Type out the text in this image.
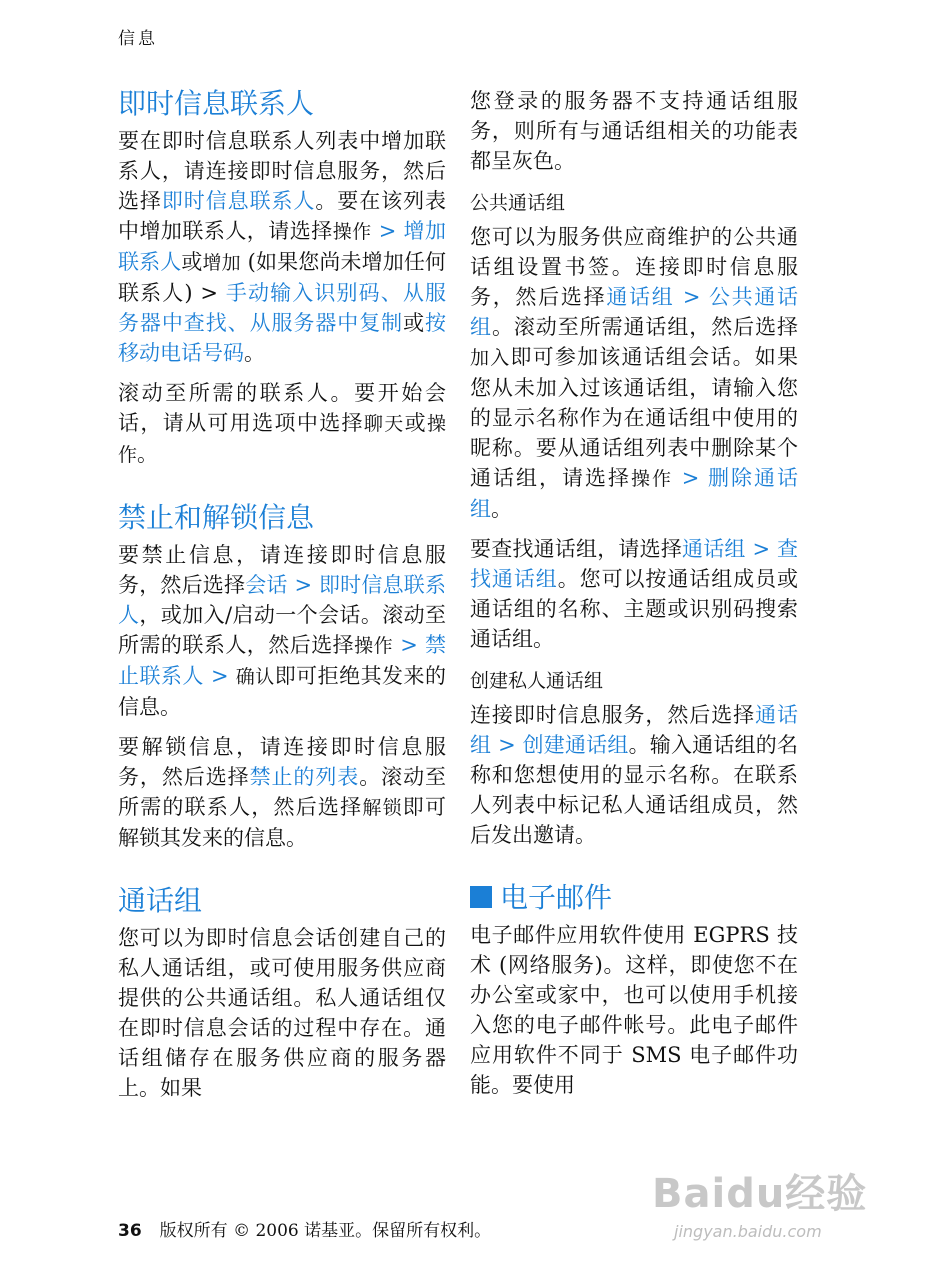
信息
即时信息联系人

要在即时信息联系人列表中增加联系人，请连接即时信息服务，然后选择即时信息联系人。要在该列表中增加联系人，请选择操作 > 增加联系人或增加 (如果您尚未增加任何联系人) > 手动输入识别码、从服务器中查找、从服务器中复制或按移动电话号码。

滚动至所需的联系人。要开始会话，请从可用选项中选择聊天或操作。

禁止和解锁信息

要禁止信息，请连接即时信息服务，然后选择会话 > 即时信息联系人，或加入/启动一个会话。滚动至所需的联系人，然后选择操作 > 禁止联系人 > 确认即可拒绝其发来的信息。

要解锁信息，请连接即时信息服务，然后选择禁止的列表。滚动至所需的联系人，然后选择解锁即可解锁其发来的信息。

通话组

您可以为即时信息会话创建自己的私人通话组，或可使用服务供应商提供的公共通话组。私人通话组仅在即时信息会话的过程中存在。通话组储存在服务供应商的服务器上。如果

您登录的服务器不支持通话组服务，则所有与通话组相关的功能表都呈灰色。

公共通话组

您可以为服务供应商维护的公共通话组设置书签。连接即时信息服务，然后选择通话组 > 公共通话组。滚动至所需通话组，然后选择加入即可参加该通话组会话。如果您从未加入过该通话组，请输入您的显示名称作为在通话组中使用的昵称。要从通话组列表中删除某个通话组，请选择操作 > 删除通话组。

要查找通话组，请选择通话组 > 查找通话组。您可以按通话组成员或通话组的名称、主题或识别码搜索通话组。

创建私人通话组

连接即时信息服务，然后选择通话组 > 创建通话组。输入通话组的名称和您想使用的显示名称。在联系人列表中标记私人通话组成员，然后发出邀请。

电子邮件

电子邮件应用软件使用 EGPRS 技术 (网络服务)。这样，即使您不在办公室或家中，也可以使用手机接入您的电子邮件帐号。此电子邮件应用软件不同于 SMS 电子邮件功能。要使用

36 版权所有 © 2006 诺基亚。保留所有权利。
Baidu经验
jingyan.baidu.com
